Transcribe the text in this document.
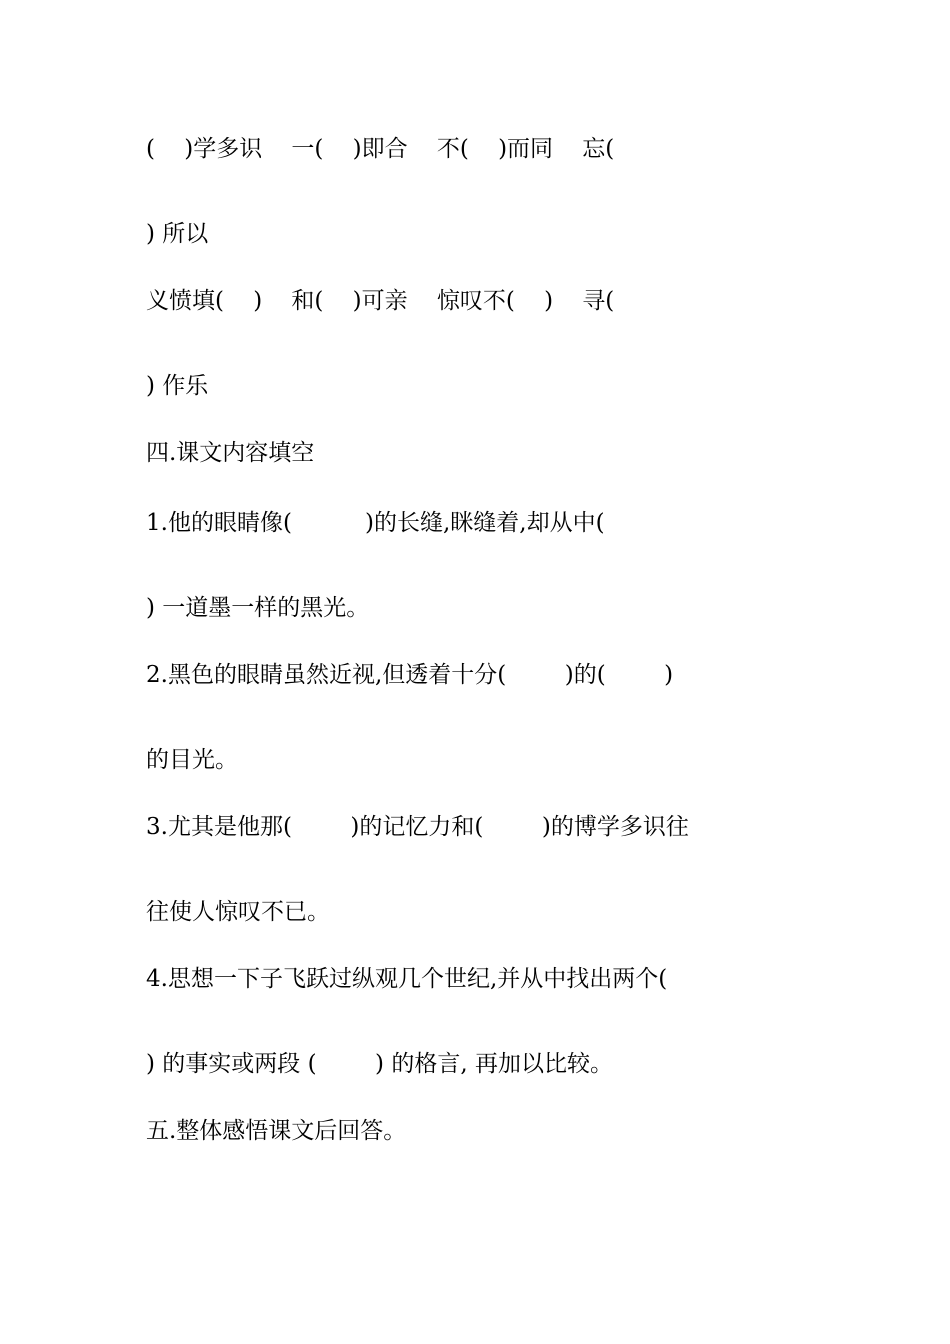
(    )学多识    一(    )即合    不(    )而同    忘(
) 所以
义愤填(    )    和(    )可亲    惊叹不(    )    寻(
) 作乐
四.课文内容填空
1.他的眼睛像(          )的长缝,眯缝着,却从中(
) 一道墨一样的黑光。
2.黑色的眼睛虽然近视,但透着十分(        )的(        )
的目光。
3.尤其是他那(        )的记忆力和(        )的博学多识往
往使人惊叹不已。
4.思想一下子飞跃过纵观几个世纪,并从中找出两个(
) 的事实或两段 (        ) 的格言, 再加以比较。
五.整体感悟课文后回答。
